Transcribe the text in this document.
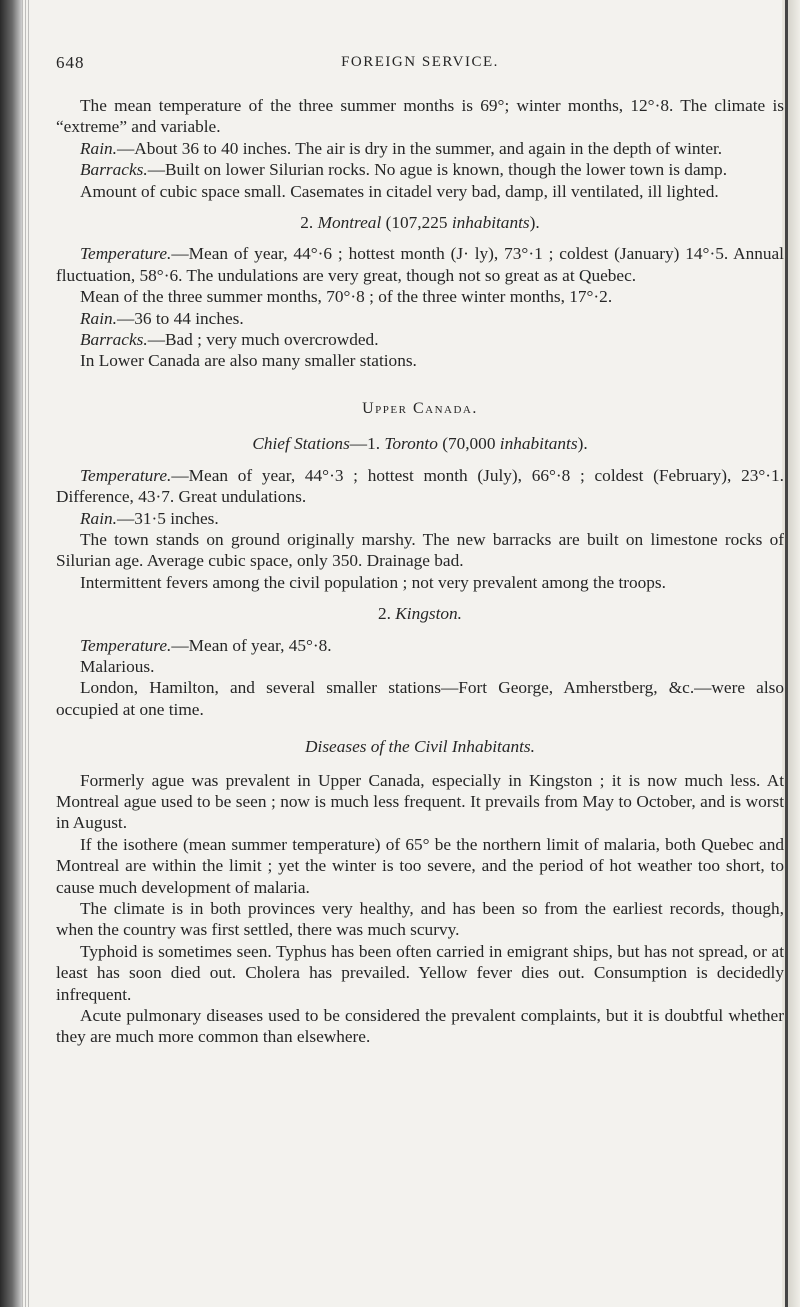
648	FOREIGN SERVICE.

The mean temperature of the three summer months is 69°; winter months, 12°·8. The climate is “extreme” and variable.

Rain.—About 36 to 40 inches. The air is dry in the summer, and again in the depth of winter.

Barracks.—Built on lower Silurian rocks. No ague is known, though the lower town is damp.

Amount of cubic space small. Casemates in citadel very bad, damp, ill ventilated, ill lighted.

2. Montreal (107,225 inhabitants).

Temperature.—Mean of year, 44°·6 ; hottest month (J· ly), 73°·1 ; coldest (January) 14°·5. Annual fluctuation, 58°·6. The undulations are very great, though not so great as at Quebec.

Mean of the three summer months, 70°·8 ; of the three winter months, 17°·2.

Rain.—36 to 44 inches.

Barracks.—Bad ; very much overcrowded.

In Lower Canada are also many smaller stations.

Upper Canada.

Chief Stations—1. Toronto (70,000 inhabitants).

Temperature.—Mean of year, 44°·3 ; hottest month (July), 66°·8 ; coldest (February), 23°·1. Difference, 43·7. Great undulations.

Rain.—31·5 inches.

The town stands on ground originally marshy. The new barracks are built on limestone rocks of Silurian age. Average cubic space, only 350. Drainage bad.

Intermittent fevers among the civil population ; not very prevalent among the troops.

2. Kingston.

Temperature.—Mean of year, 45°·8.

Malarious.

London, Hamilton, and several smaller stations—Fort George, Amherstberg, &c.—were also occupied at one time.

Diseases of the Civil Inhabitants.

Formerly ague was prevalent in Upper Canada, especially in Kingston ; it is now much less. At Montreal ague used to be seen ; now is much less frequent. It prevails from May to October, and is worst in August.

If the isothere (mean summer temperature) of 65° be the northern limit of malaria, both Quebec and Montreal are within the limit ; yet the winter is too severe, and the period of hot weather too short, to cause much development of malaria.

The climate is in both provinces very healthy, and has been so from the earliest records, though, when the country was first settled, there was much scurvy.

Typhoid is sometimes seen. Typhus has been often carried in emigrant ships, but has not spread, or at least has soon died out. Cholera has prevailed. Yellow fever dies out. Consumption is decidedly infrequent.

Acute pulmonary diseases used to be considered the prevalent complaints, but it is doubtful whether they are much more common than elsewhere.
